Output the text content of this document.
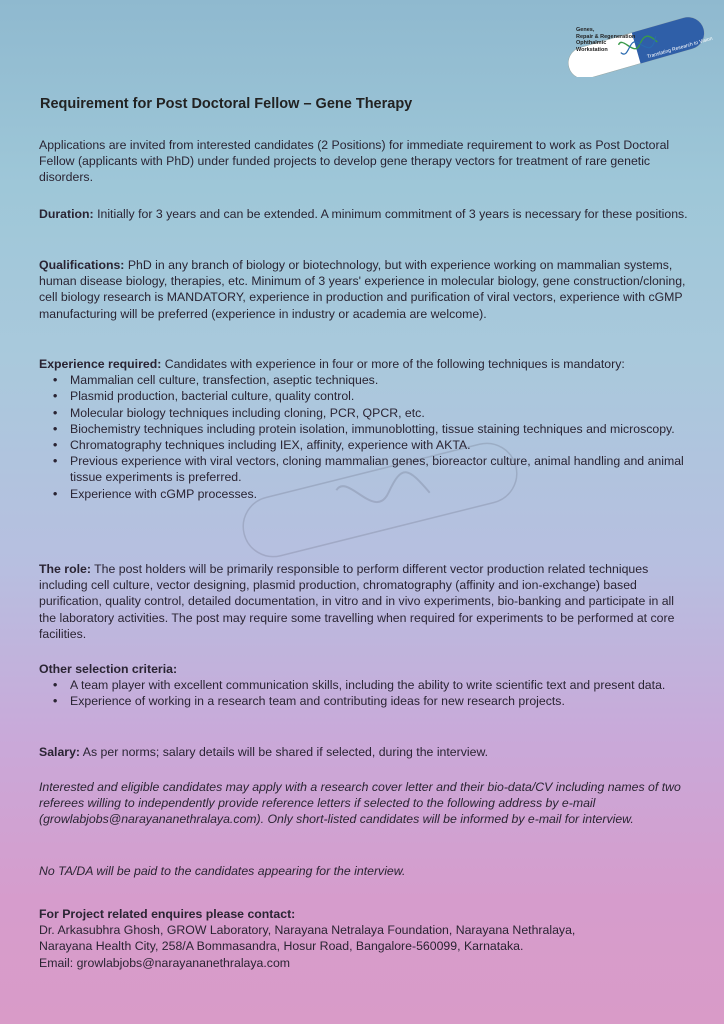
Genes,
Repair & Regeneration
Ophthalmic
Workstation	Translating Research to Vision
Requirement for Post Doctoral Fellow – Gene Therapy
Applications are invited from interested candidates (2 Positions) for immediate requirement to work as Post Doctoral Fellow (applicants with PhD) under funded projects to develop gene therapy vectors for treatment of rare genetic disorders.
Duration: Initially for 3 years and can be extended. A minimum commitment of 3 years is necessary for these positions.
Qualifications: PhD in any branch of biology or biotechnology, but with experience working on mammalian systems, human disease biology, therapies, etc. Minimum of 3 years' experience in molecular biology, gene construction/cloning, cell biology research is MANDATORY, experience in production and purification of viral vectors, experience with cGMP manufacturing will be preferred (experience in industry or academia are welcome).
Experience required: Candidates with experience in four or more of the following techniques is mandatory:
• Mammalian cell culture, transfection, aseptic techniques.
• Plasmid production, bacterial culture, quality control.
• Molecular biology techniques including cloning, PCR, QPCR, etc.
• Biochemistry techniques including protein isolation, immunoblotting, tissue staining techniques and microscopy.
• Chromatography techniques including IEX, affinity, experience with AKTA.
• Previous experience with viral vectors, cloning mammalian genes, bioreactor culture, animal handling and animal tissue experiments is preferred.
• Experience with cGMP processes.
The role: The post holders will be primarily responsible to perform different vector production related techniques including cell culture, vector designing, plasmid production, chromatography (affinity and ion-exchange) based purification, quality control, detailed documentation, in vitro and in vivo experiments, bio-banking and participate in all the laboratory activities. The post may require some travelling when required for experiments to be performed at core facilities.
Other selection criteria:
• A team player with excellent communication skills, including the ability to write scientific text and present data.
• Experience of working in a research team and contributing ideas for new research projects.
Salary: As per norms; salary details will be shared if selected, during the interview.
Interested and eligible candidates may apply with a research cover letter and their bio-data/CV including names of two referees willing to independently provide reference letters if selected to the following address by e-mail (growlabjobs@narayananethralaya.com). Only short-listed candidates will be informed by e-mail for interview.
No TA/DA will be paid to the candidates appearing for the interview.
For Project related enquires please contact:
Dr. Arkasubhra Ghosh, GROW Laboratory, Narayana Netralaya Foundation, Narayana Nethralaya,
Narayana Health City, 258/A Bommasandra, Hosur Road, Bangalore-560099, Karnataka.
Email: growlabjobs@narayananethralaya.com
